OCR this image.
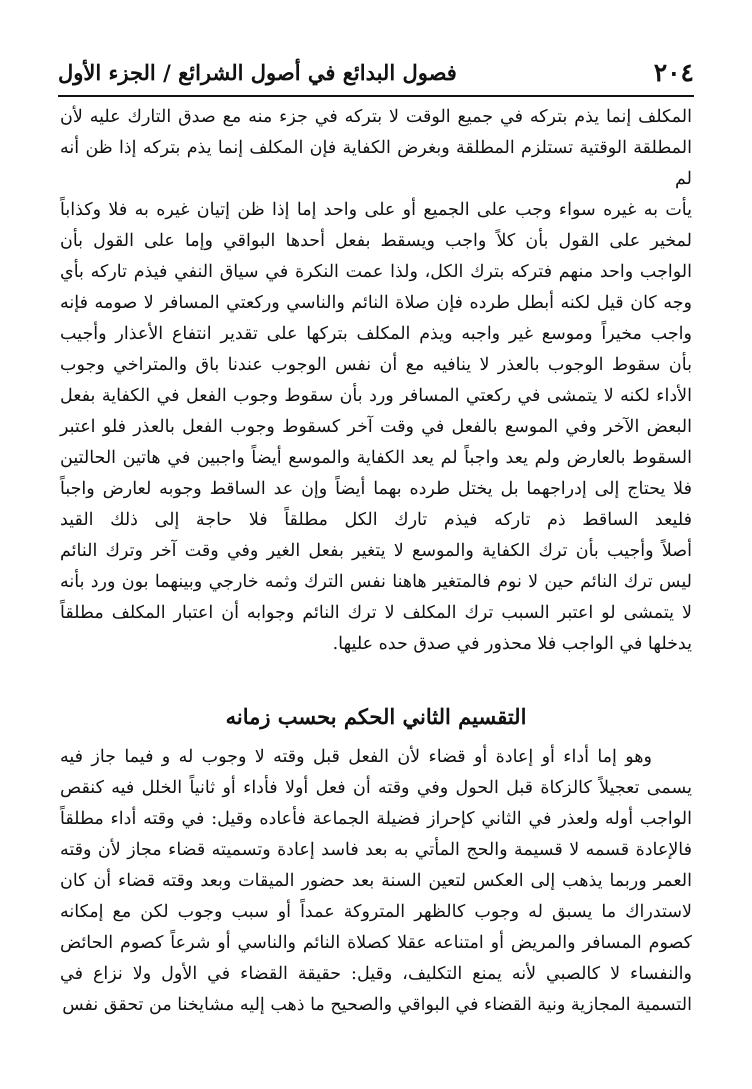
٢٠٤
فصول البدائع في أصول الشرائع / الجزء الأول

المكلف إنما يذم بتركه في جميع الوقت لا بتركه في جزء منه مع صدق التارك عليه لأن

المطلقة الوقتية تستلزم المطلقة وبغرض الكفاية فإن المكلف إنما يذم بتركه إذا ظن أنه لم

يأت به غيره سواء وجب على الجميع أو على واحد إما إذا ظن إتيان غيره به فلا وكذاباً

لمخير على القول بأن كلاً واجب ويسقط بفعل أحدها البواقي وإما على القول بأن

الواجب واحد منهم فتركه بترك الكل، ولذا عمت النكرة في سياق النفي فيذم تاركه بأي

وجه كان قيل لكنه أبطل طرده فإن صلاة النائم والناسي وركعتي المسافر لا صومه فإنه

واجب مخيراً وموسع غير واجبه ويذم المكلف بتركها على تقدير انتفاع الأعذار وأجيب

بأن سقوط الوجوب بالعذر لا ينافيه مع أن نفس الوجوب عندنا باق والمتراخي وجوب

الأداء لكنه لا يتمشى في ركعتي المسافر ورد بأن سقوط وجوب الفعل في الكفاية بفعل

البعض الآخر وفي الموسع بالفعل في وقت آخر كسقوط وجوب الفعل بالعذر فلو اعتبر

السقوط بالعارض ولم يعد واجباً لم يعد الكفاية والموسع أيضاً واجبين في هاتين الحالتين

فلا يحتاج إلى إدراجهما بل يختل طرده بهما أيضاً وإن عد الساقط وجوبه لعارض واجباً

فليعد الساقط ذم تاركه فيذم تارك الكل مطلقاً فلا حاجة إلى ذلك القيد

أصلاً وأجيب بأن ترك الكفاية والموسع لا يتغير بفعل الغير وفي وقت آخر وترك النائم

ليس ترك النائم حين لا نوم فالمتغير هاهنا نفس الترك وثمه خارجي وبينهما بون ورد بأنه

لا يتمشى لو اعتبر السبب ترك المكلف لا ترك النائم وجوابه أن اعتبار المكلف مطلقاً

يدخلها في الواجب فلا محذور في صدق حده عليها.

التقسيم الثاني الحكم بحسب زمانه

وهو إما أداء أو إعادة أو قضاء لأن الفعل قبل وقته لا وجوب له و فيما جاز فيه

يسمى تعجيلاً كالزكاة قبل الحول وفي وقته أن فعل أولا فأداء أو ثانياً الخلل فيه كنقص

الواجب أوله ولعذر في الثاني كإحراز فضيلة الجماعة فأعاده وقيل: في وقته أداء مطلقاً

فالإعادة قسمه لا قسيمة والحج المأتي به بعد فاسد إعادة وتسميته قضاء مجاز لأن وقته

العمر وربما يذهب إلى العكس لتعين السنة بعد حضور الميقات وبعد وقته قضاء أن كان

لاستدراك ما يسبق له وجوب كالظهر المتروكة عمداً أو سبب وجوب لكن مع إمكانه

كصوم المسافر والمريض أو امتناعه عقلا كصلاة النائم والناسي أو شرعاً كصوم الحائض

والنفساء لا كالصبي لأنه يمنع التكليف، وقيل: حقيقة القضاء في الأول ولا نزاع في

التسمية المجازية ونية القضاء في البواقي والصحيح ما ذهب إليه مشايخنا من تحقق نفس
